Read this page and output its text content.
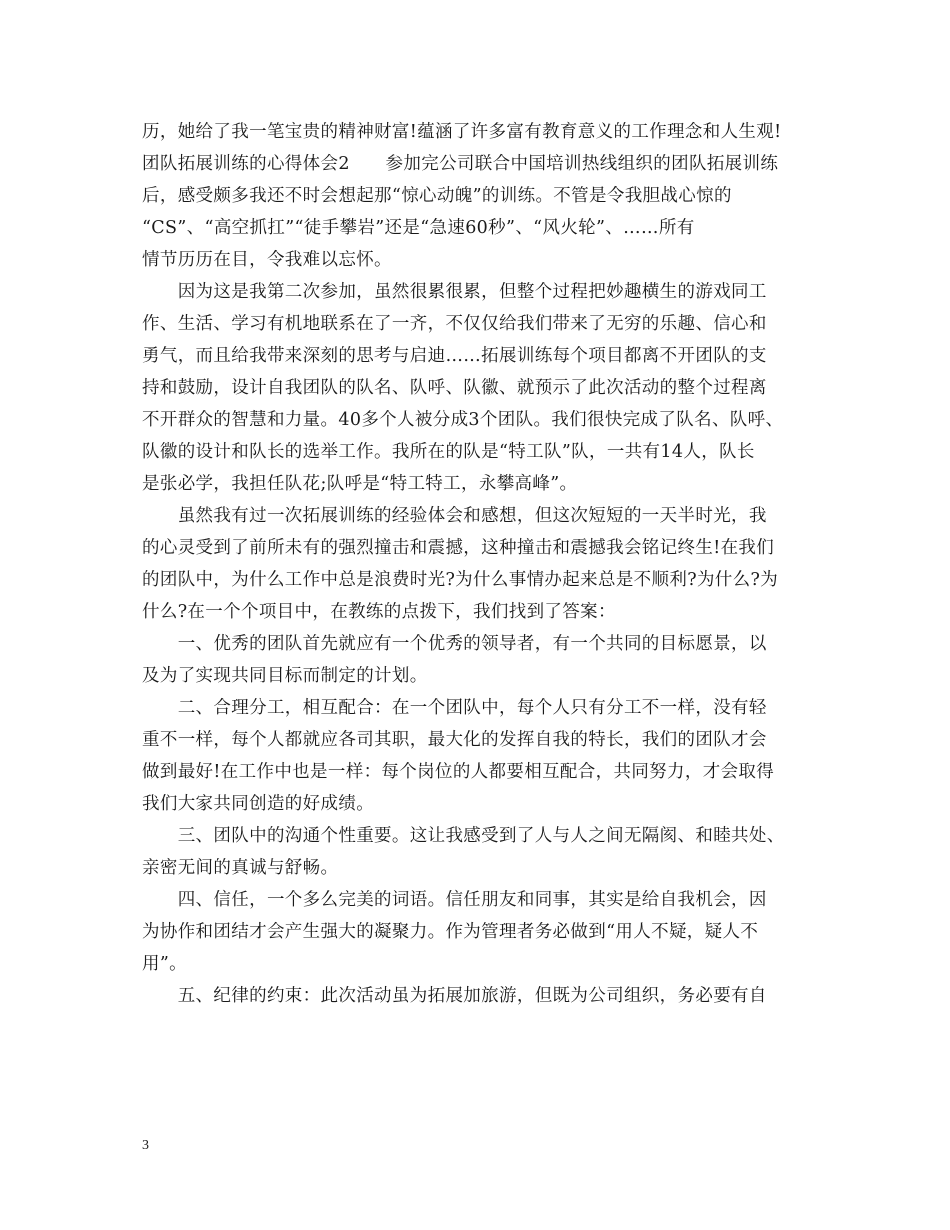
历，她给了我一笔宝贵的精神财富!蕴涵了许多富有教育意义的工作理念和人生观!
团队拓展训练的心得体会2　　参加完公司联合中国培训热线组织的团队拓展训练
后，感受颇多我还不时会想起那“惊心动魄”的训练。不管是令我胆战心惊的
“CS”、“高空抓扛”“徒手攀岩”还是“急速60秒”、“风火轮”、……所有
情节历历在目，令我难以忘怀。
　　因为这是我第二次参加，虽然很累很累，但整个过程把妙趣横生的游戏同工
作、生活、学习有机地联系在了一齐，不仅仅给我们带来了无穷的乐趣、信心和
勇气，而且给我带来深刻的思考与启迪……拓展训练每个项目都离不开团队的支
持和鼓励，设计自我团队的队名、队呼、队徽、就预示了此次活动的整个过程离
不开群众的智慧和力量。40多个人被分成3个团队。我们很快完成了队名、队呼、
队徽的设计和队长的选举工作。我所在的队是“特工队”队，一共有14人，队长
是张必学，我担任队花;队呼是“特工特工，永攀高峰”。
　　虽然我有过一次拓展训练的经验体会和感想，但这次短短的一天半时光，我
的心灵受到了前所未有的强烈撞击和震撼，这种撞击和震撼我会铭记终生!在我们
的团队中，为什么工作中总是浪费时光?为什么事情办起来总是不顺利?为什么?为
什么?在一个个项目中，在教练的点拨下，我们找到了答案：
　　一、优秀的团队首先就应有一个优秀的领导者，有一个共同的目标愿景，以
及为了实现共同目标而制定的计划。
　　二、合理分工，相互配合：在一个团队中，每个人只有分工不一样，没有轻
重不一样，每个人都就应各司其职，最大化的发挥自我的特长，我们的团队才会
做到最好!在工作中也是一样：每个岗位的人都要相互配合，共同努力，才会取得
我们大家共同创造的好成绩。
　　三、团队中的沟通个性重要。这让我感受到了人与人之间无隔阂、和睦共处、
亲密无间的真诚与舒畅。
　　四、信任，一个多么完美的词语。信任朋友和同事，其实是给自我机会，因
为协作和团结才会产生强大的凝聚力。作为管理者务必做到“用人不疑，疑人不
用”。
　　五、纪律的约束：此次活动虽为拓展加旅游，但既为公司组织，务必要有自
3
